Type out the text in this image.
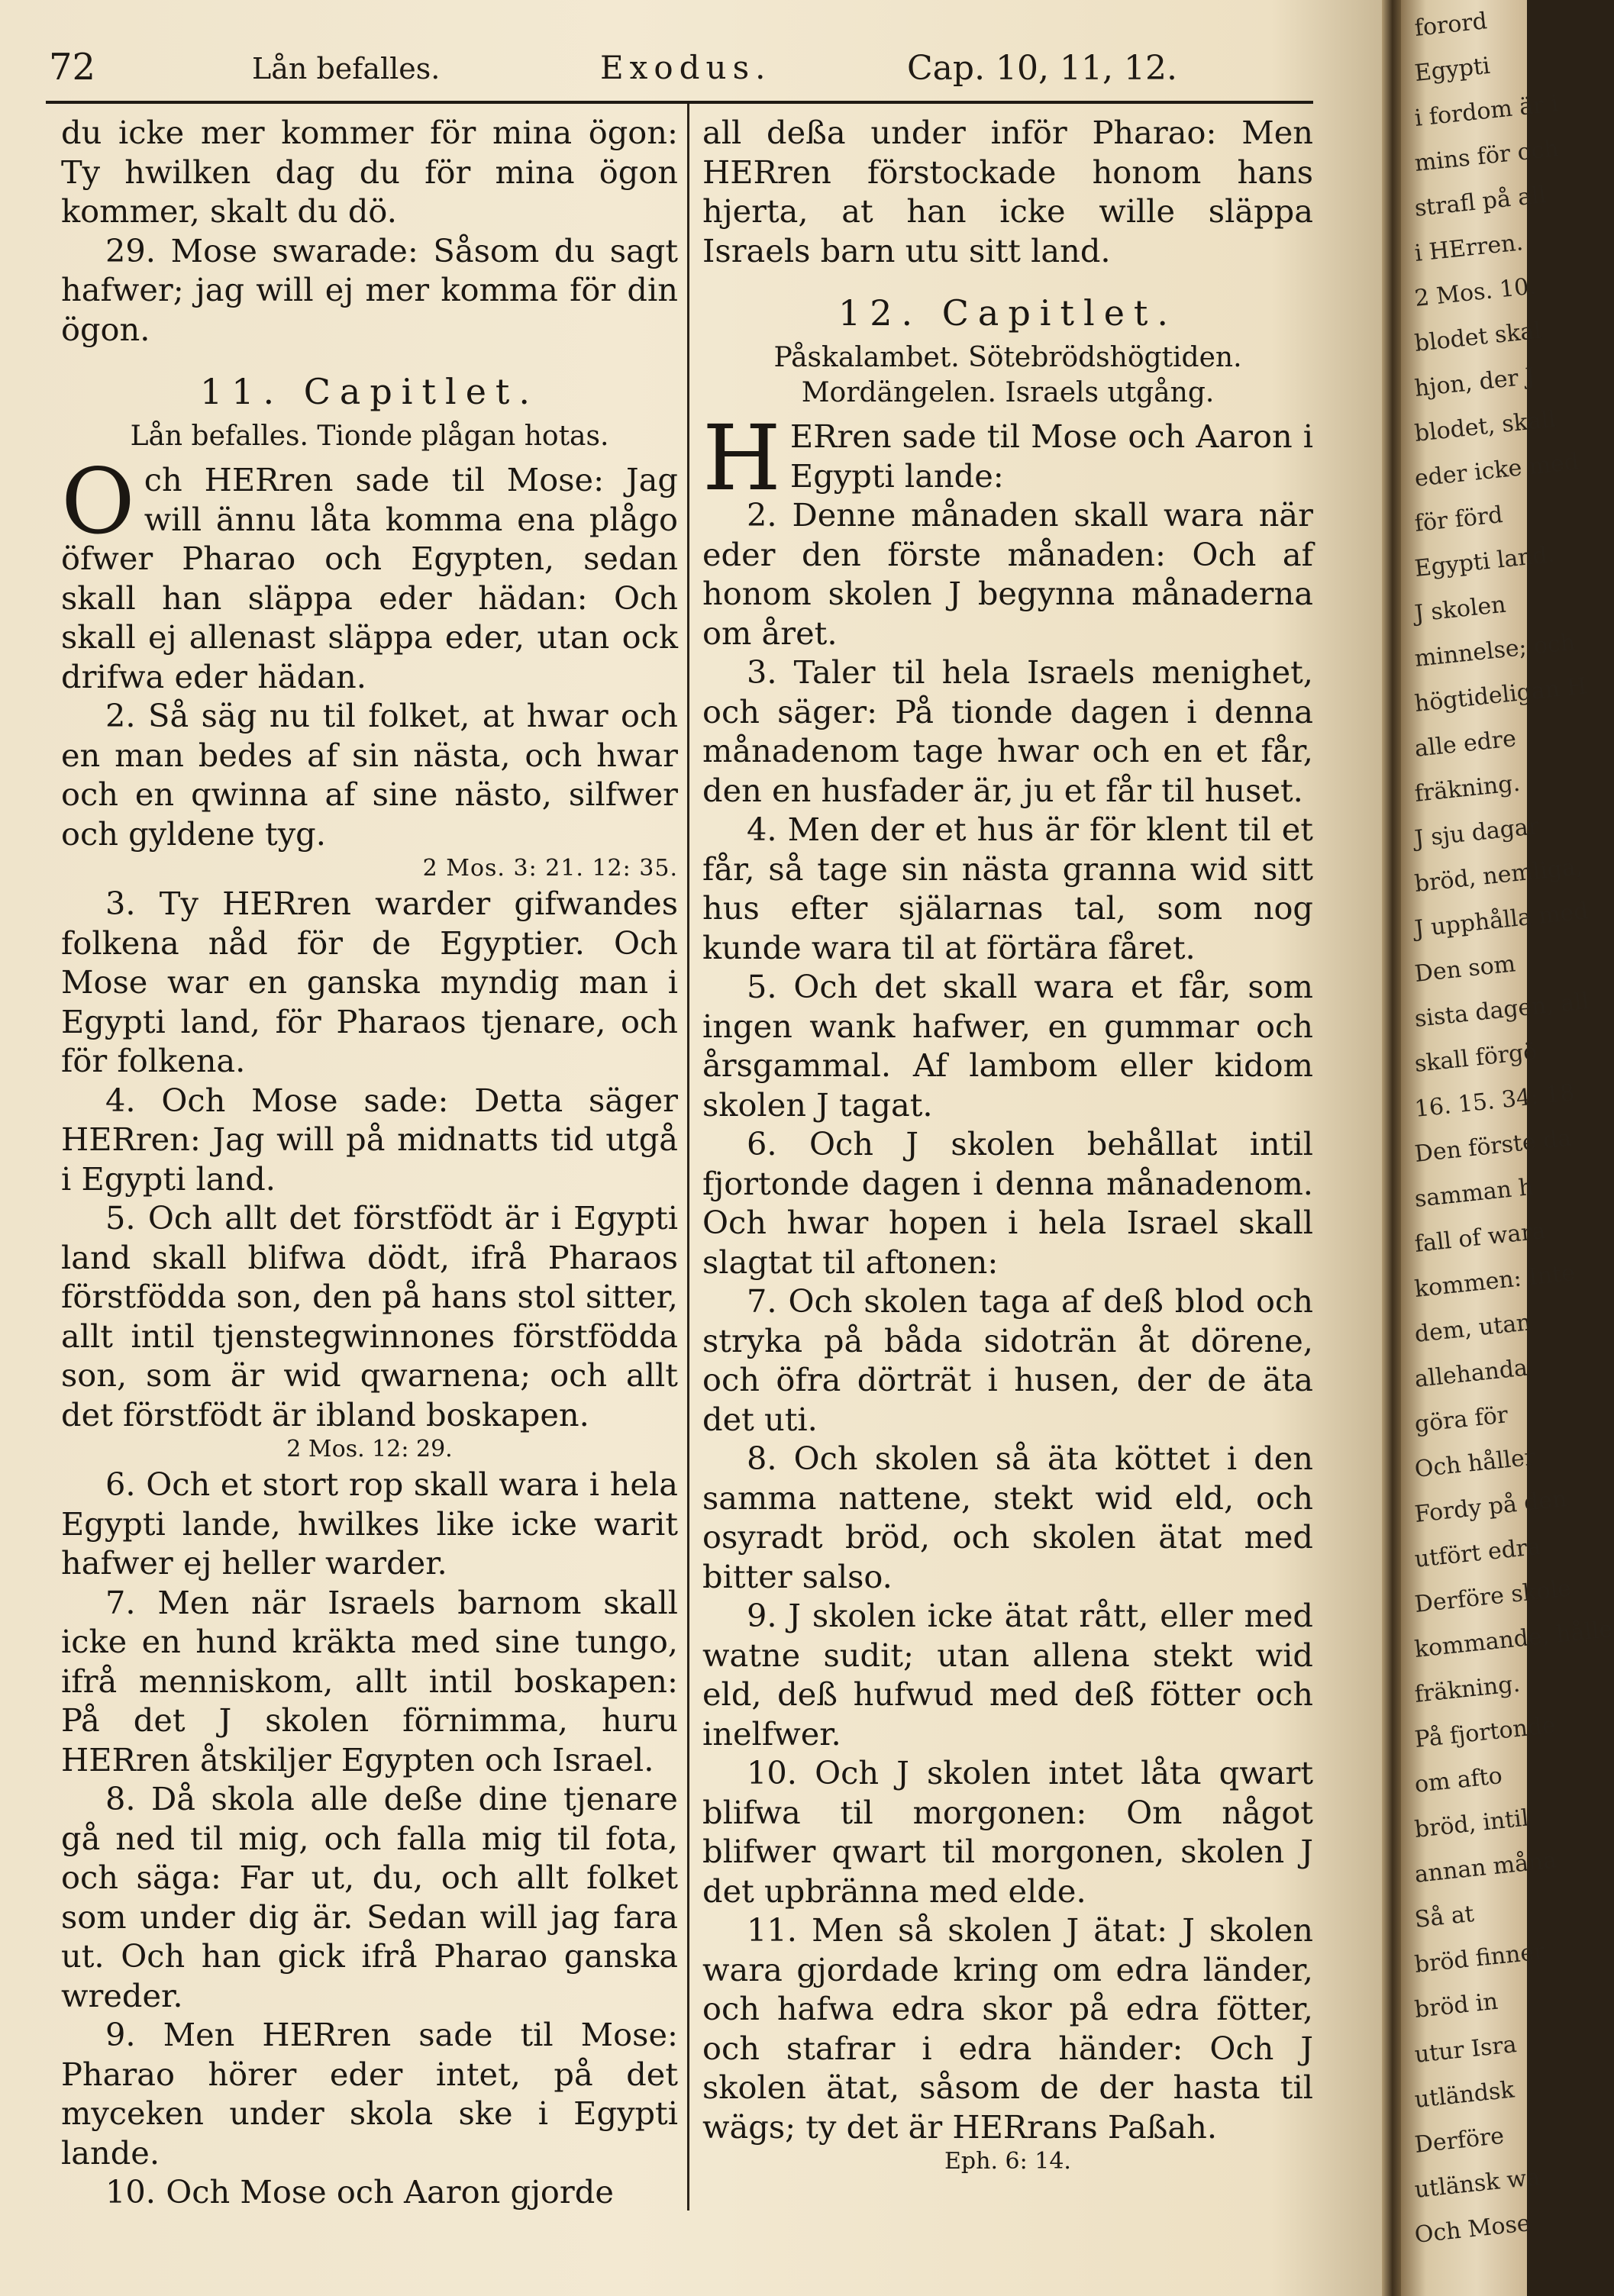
72	Lån befalles.	Exodus.	Cap. 10, 11, 12.

du icke mer kommer för mina ögon: Ty hwilken dag du för mina ögon kommer, skalt du dö.

29. Mose swarade: Såsom du sagt hafwer; jag will ej mer komma för din ögon.

11. Capitlet.

Lån befalles. Tionde plågan hotas.

Och HERren sade til Mose: Jag will ännu låta komma ena plågo öfwer Pharao och Egypten, sedan skall han släppa eder hädan: Och skall ej allenast släppa eder, utan ock drifwa eder hädan.

2. Så säg nu til folket, at hwar och en man bedes af sin nästa, och hwar och en qwinna af sine nästo, silfwer och gyldene tyg.

2 Mos. 3: 21. 12: 35.

3. Ty HERren warder gifwandes folkena nåd för de Egyptier. Och Mose war en ganska myndig man i Egypti land, för Pharaos tjenare, och för folkena.

4. Och Mose sade: Detta säger HERren: Jag will på midnatts tid utgå i Egypti land.

5. Och allt det förstfödt är i Egypti land skall blifwa dödt, ifrå Pharaos förstfödda son, den på hans stol sitter, allt intil tjenstegwinnones förstfödda son, som är wid qwarnena; och allt det förstfödt är ibland boskapen.

2 Mos. 12: 29.

6. Och et stort rop skall wara i hela Egypti lande, hwilkes like icke warit hafwer ej heller warder.

7. Men när Israels barnom skall icke en hund kräkta med sine tungo, ifrå menniskom, allt intil boskapen: På det J skolen förnimma, huru HERren åtskiljer Egypten och Israel.

8. Då skola alle deße dine tjenare gå ned til mig, och falla mig til fota, och säga: Far ut, du, och allt folket som under dig är. Sedan will jag fara ut. Och han gick ifrå Pharao ganska wreder.

9. Men HERren sade til Mose: Pharao hörer eder intet, på det myceken under skola ske i Egypti lande.

10. Och Mose och Aaron gjorde

all deßa under inför Pharao: Men HERren förstockade honom hans hjerta, at han icke wille släppa Israels barn utu sitt land.

12. Capitlet.

Påskalambet. Sötebrödshögtiden. Mordängelen. Israels utgång.

H ERren sade til Mose och Aaron i Egypti lande:

2. Denne månaden skall wara när eder den förste månaden: Och af honom skolen J begynna månaderna om året.

3. Taler til hela Israels menighet, och säger: På tionde dagen i denna månadenom tage hwar och en et får, den en husfader är, ju et får til huset.

4. Men der et hus är för klent til et får, så tage sin nästa granna wid sitt hus efter själarnas tal, som nog kunde wara til at förtära fåret.

5. Och det skall wara et får, som ingen wank hafwer, en gummar och årsgammal. Af lambom eller kidom skolen J tagat.

6. Och J skolen behållat intil fjortonde dagen i denna månadenom. Och hwar hopen i hela Israel skall slagtat til aftonen:

7. Och skolen taga af deß blod och stryka på båda sidoträn åt dörene, och öfra dörträt i husen, der de äta det uti.

8. Och skolen så äta köttet i den samma nattene, stekt wid eld, och osyradt bröd, och skolen ätat med bitter salso.

9. J skolen icke ätat rått, eller med watne sudit; utan allena stekt wid eld, deß hufwud med deß fötter och inelfwer.

10. Och J skolen intet låta qwart blifwa til morgonen: Om något blifwer qwart til morgonen, skolen J det upbränna med elde.

11. Men så skolen J ätat: J skolen wara gjordade kring om edra länder, och hafwa edra skor på edra fötter, och stafrar i edra händer: Och J skolen ätat, såsom de der hasta til wägs; ty det är HERrans Paßah.

Eph. 6: 14.

forord
Egypti
i fordom är i
mins för och
strafl på all
i HErren.
2 Mos. 10.
blodet skal
hjon, der J
blodet, skall
eder icke med
för förd
Egypti land.
J skolen
minnelse; och
högtideligan H
alle edre
fräkning.
J sju dagar
bröd, nemliga,
J upphålla med
Den som
sista dagen, all
skall förgö
16. 15. 34: 18
Den förste da
samman h
fall of wara
kommen: Inte
dem, utan
allehanda
göra för
Och håller
Fordy på den
utfört edra
Derföre skole
kommande, hålle
fräkning.
På fjortonde
om afto
bröd, intil
annan måna
Så at
bröd finner
bröd in
utur Isra
utländsk
Derföre
utlänsk wa
Och Mose
